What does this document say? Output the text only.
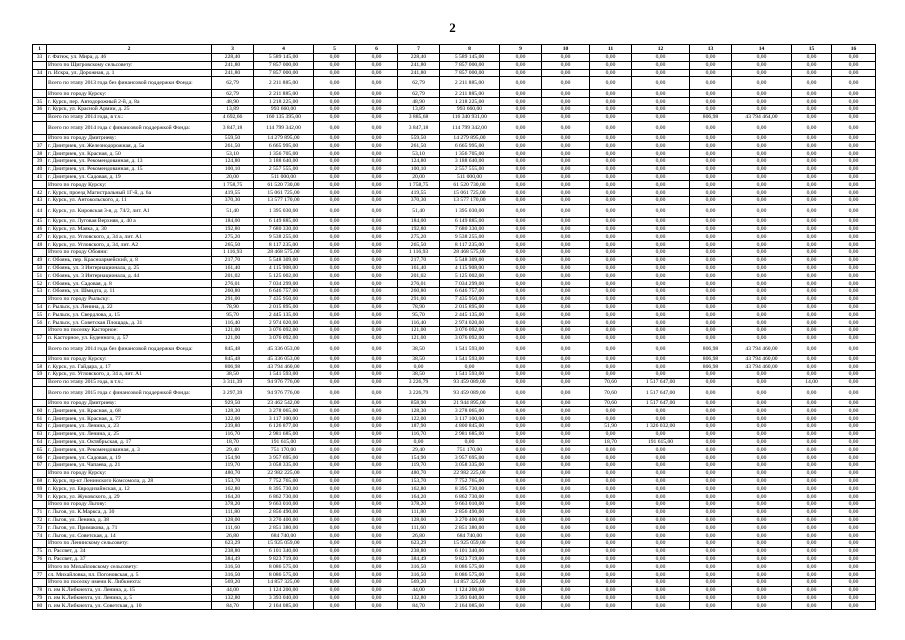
2
1	2	3	4	5	6	7	8	9	10	11	12	13	14	15	16
33	г. Фатеж, ул. Мира, д. 46	228,40	5 589 145,00	0,00	0,00	228,40	5 589 145,00	0,00	0,00	0,00	0,00	0,00	0,00	0,00	0,00
	Итого по Щигровскому сельсовету:	241,80	7 857 000,00	0,00	0,00	241,80	7 857 000,00	0,00	0,00	0,00	0,00	0,00	0,00	0,00	0,00
34	п. Искра, ул. Дорожная, д. 1	241,80	7 857 000,00	0,00	0,00	241,80	7 857 000,00	0,00	0,00	0,00	0,00	0,00	0,00	0,00	0,00
	Всего по этапу 2013 года без финансовой поддержки Фонда:	62,79	2 211 885,00	0,00	0,00	62,79	2 211 885,00	0,00	0,00	0,00	0,00	0,00	0,00	0,00	0,00
	Итого по городу Курску:	62,79	2 211 885,00	0,00	0,00	62,79	2 211 885,00	0,00	0,00	0,00	0,00	0,00	0,00	0,00	0,00
35	г. Курск, пер. Автодорожный 2-й, д. 8а	48,90	1 218 225,00	0,00	0,00	48,90	1 218 225,00	0,00	0,00	0,00	0,00	0,00	0,00	0,00	0,00
36	г. Курск, ул. Красной Армии, д. 25	13,89	993 660,00	0,00	0,00	13,89	993 660,00	0,00	0,00	0,00	0,00	0,00	0,00	0,00	0,00
	Всего по этапу 2014 года, в т.ч.:	4 692,66	160 135 395,00	0,00	0,00	3 885,68	116 340 931,00	0,00	0,00	0,00	0,00	806,98	43 794 464,00	0,00	0,00
	Всего по этапу 2014 года с финансовой поддержкой Фонда:	3 847,18	114 799 342,00	0,00	0,00	3 847,18	114 799 342,00	0,00	0,00	0,00	0,00	0,00	0,00	0,00	0,00
	Итого по городу Дмитриеву:	559,50	14 279 895,00	0,00	0,00	559,50	14 279 895,00	0,00	0,00	0,00	0,00	0,00	0,00	0,00	0,00
37	г. Дмитриев, ул. Железнодорожная, д. 5а	261,50	6 665 995,00	0,00	0,00	261,50	6 665 995,00	0,00	0,00	0,00	0,00	0,00	0,00	0,00	0,00
38	г. Дмитриев, ул. Красная, д. 50	53,10	1 356 705,00	0,00	0,00	53,10	1 356 705,00	0,00	0,00	0,00	0,00	0,00	0,00	0,00	0,00
39	г. Дмитриев, ул. Рекомендованная, д. 13	124,80	3 188 640,00	0,00	0,00	124,80	3 188 640,00	0,00	0,00	0,00	0,00	0,00	0,00	0,00	0,00
40	г. Дмитриев, ул. Рекомендованная, д. 15	100,10	2 557 555,00	0,00	0,00	100,10	2 557 555,00	0,00	0,00	0,00	0,00	0,00	0,00	0,00	0,00
41	г. Дмитриев, ул. Садовая, д. 19	20,00	511 000,00	0,00	0,00	20,00	511 000,00	0,00	0,00	0,00	0,00	0,00	0,00	0,00	0,00
	Итого по городу Курску:	1 758,75	61 520 730,00	0,00	0,00	1 758,75	61 520 730,00	0,00	0,00	0,00	0,00	0,00	0,00	0,00	0,00
42	г. Курск, проезд Магистральный 1Г-й, д. 6а	419,55	15 061 725,00	0,00	0,00	419,55	15 061 725,00	0,00	0,00	0,00	0,00	0,00	0,00	0,00	0,00
43	г. Курск, ул. Антокольского, д. 11	370,30	13 577 170,00	0,00	0,00	370,30	13 577 170,00	0,00	0,00	0,00	0,00	0,00	0,00	0,00	0,00
44	г. Курск, ул. Кировская 3-я, д. 74/2, лит. А1	51,40	1 395 030,00	0,00	0,00	51,40	1 395 030,00	0,00	0,00	0,00	0,00	0,00	0,00	0,00	0,00
45	г. Курск, ул. Луговая Верхняя, д. 40 а	184,00	6 149 885,00	0,00	0,00	184,00	6 149 885,00	0,00	0,00	0,00	0,00	0,00	0,00	0,00	0,00
46	г. Курск, ул. Маяка, д. 30	192,80	7 680 330,00	0,00	0,00	192,80	7 680 330,00	0,00	0,00	0,00	0,00	0,00	0,00	0,00	0,00
47	г. Курск, ул. Угловского, д. 34 а, лит. А1	275,20	9 538 255,00	0,00	0,00	275,20	9 538 255,00	0,00	0,00	0,00	0,00	0,00	0,00	0,00	0,00
48	г. Курск, ул. Угловского, д. 34, лит. А2	265,50	8 117 235,00	0,00	0,00	265,50	8 117 235,00	0,00	0,00	0,00	0,00	0,00	0,00	0,00	0,00
	Итого по городу Обояни:	1 116,93	28 468 575,00	0,00	0,00	1 116,93	28 468 575,00	0,00	0,00	0,00	0,00	0,00	0,00	0,00	0,00
49	г. Обоянь, пер. Красноармейский, д. 8	217,70	5 548 309,00	0,00	0,00	217,70	5 548 309,00	0,00	0,00	0,00	0,00	0,00	0,00	0,00	0,00
50	г. Обоянь, ул. 3 Интернационала, д. 25	161,40	4 115 908,00	0,00	0,00	161,40	4 115 908,00	0,00	0,00	0,00	0,00	0,00	0,00	0,00	0,00
51	г. Обоянь, ул. 3 Интернационала, д. 44	201,02	5 125 002,00	0,00	0,00	201,02	5 125 002,00	0,00	0,00	0,00	0,00	0,00	0,00	0,00	0,00
52	г. Обоянь, ул. Садовая, д. 8	276,01	7 034 299,00	0,00	0,00	276,01	7 034 299,00	0,00	0,00	0,00	0,00	0,00	0,00	0,00	0,00
53	г. Обоянь, ул. Шмидта, д. 11	260,80	6 646 757,00	0,00	0,00	260,80	6 646 757,00	0,00	0,00	0,00	0,00	0,00	0,00	0,00	0,00
	Итого по городу Рыльску:	291,00	7 435 950,00	0,00	0,00	291,00	7 435 950,00	0,00	0,00	0,00	0,00	0,00	0,00	0,00	0,00
54	г. Рыльск, ул. Ленина, д. 22	78,90	2 015 895,00	0,00	0,00	78,90	2 015 895,00	0,00	0,00	0,00	0,00	0,00	0,00	0,00	0,00
55	г. Рыльск, ул. Свердлова, д. 15	95,70	2 445 135,00	0,00	0,00	95,70	2 445 135,00	0,00	0,00	0,00	0,00	0,00	0,00	0,00	0,00
56	г. Рыльск, ул. Советская Площадь, д. 31	116,40	2 974 020,00	0,00	0,00	116,40	2 974 020,00	0,00	0,00	0,00	0,00	0,00	0,00	0,00	0,00
	Итого по поселку Касторное:	121,00	3 076 092,00	0,00	0,00	121,00	3 076 092,00	0,00	0,00	0,00	0,00	0,00	0,00	0,00	0,00
57	п. Касторное, ул. Буденного, д. 57	121,00	3 076 092,00	0,00	0,00	121,00	3 076 092,00	0,00	0,00	0,00	0,00	0,00	0,00	0,00	0,00
	Всего по этапу 2014 года без финансовой поддержки Фонда:	845,48	45 336 053,00	0,00	0,00	38,50	1 541 593,00	0,00	0,00	0,00	0,00	806,98	43 794 460,00	0,00	0,00
	Итого по городу Курску:	845,48	45 336 053,00	0,00	0,00	38,50	1 541 593,00	0,00	0,00	0,00	0,00	806,98	43 794 460,00	0,00	0,00
58	г. Курск, ул. Гайдара, д. 17	806,98	43 794 460,00	0,00	0,00	0,00	0,00	0,00	0,00	0,00	0,00	806,98	43 794 460,00	0,00	0,00
59	г. Курск, ул. Угловского, д. 34 а, лит. А1	38,50	1 541 593,00	0,00	0,00	38,50	1 541 593,00	0,00	0,00	0,00	0,00	0,00	0,00	0,00	0,00
	Всего по этапу 2015 года, в т.ч.:	3 311,39	94 976 776,00	0,00	0,00	3 226,79	93 459 089,00	0,00	0,00	70,60	1 517 647,00	0,00	0,00	14,00	0,00
	Всего по этапу 2015 года с финансовой поддержкой Фонда:	3 297,39	94 976 776,00	0,00	0,00	3 226,79	93 459 089,00	0,00	0,00	70,60	1 517 647,00	0,00	0,00	0,00	0,00
	Итого по городу Дмитриеву:	929,50	23 462 542,00	0,00	0,00	858,90	21 944 895,00	0,00	0,00	70,60	1 517 647,00	0,00	0,00	0,00	0,00
60	г. Дмитриев, ул. Красная, д. 68	128,30	3 278 065,00	0,00	0,00	128,30	3 278 065,00	0,00	0,00	0,00	0,00	0,00	0,00	0,00	0,00
61	г. Дмитриев, ул. Красная, д. 77	122,00	3 117 100,00	0,00	0,00	122,00	3 117 100,00	0,00	0,00	0,00	0,00	0,00	0,00	0,00	0,00
62	г. Дмитриев, ул. Ленина, д. 23	239,80	6 126 877,00	0,00	0,00	187,90	4 800 845,00	0,00	0,00	51,90	1 326 032,00	0,00	0,00	0,00	0,00
63	г. Дмитриев, ул. Ленина, д. 25	116,70	2 981 685,00	0,00	0,00	116,70	2 981 685,00	0,00	0,00	0,00	0,00	0,00	0,00	0,00	0,00
64	г. Дмитриев, ул. Октябрьская, д. 17	18,70	191 615,00	0,00	0,00	0,00	0,00	0,00	0,00	18,70	191 615,00	0,00	0,00	0,00	0,00
65	г. Дмитриев, ул. Рекомендованная, д. 3	29,40	751 170,00	0,00	0,00	29,40	751 170,00	0,00	0,00	0,00	0,00	0,00	0,00	0,00	0,00
66	г. Дмитриев, ул. Садовая, д. 19	154,90	3 957 695,00	0,00	0,00	154,90	3 957 695,00	0,00	0,00	0,00	0,00	0,00	0,00	0,00	0,00
67	г. Дмитриев, ул. Чапаева, д. 21	119,70	3 058 335,00	0,00	0,00	119,70	3 058 335,00	0,00	0,00	0,00	0,00	0,00	0,00	0,00	0,00
	Итого по городу Курску:	480,70	22 982 225,00	0,00	0,00	480,70	22 982 225,00	0,00	0,00	0,00	0,00	0,00	0,00	0,00	0,00
68	г. Курск, пр-кт Ленинского Комсомола, д. 28	153,70	7 752 765,00	0,00	0,00	153,70	7 752 765,00	0,00	0,00	0,00	0,00	0,00	0,00	0,00	0,00
69	г. Курск, ул. Евродизайнская, д. 12	162,80	8 395 730,00	0,00	0,00	162,80	8 395 730,00	0,00	0,00	0,00	0,00	0,00	0,00	0,00	0,00
70	г. Курск, ул. Жуковского, д. 29	164,20	6 862 730,00	0,00	0,00	164,20	6 862 730,00	0,00	0,00	0,00	0,00	0,00	0,00	0,00	0,00
	Итого по городу Льгову:	378,20	9 663 010,00	0,00	0,00	378,20	9 663 010,00	0,00	0,00	0,00	0,00	0,00	0,00	0,00	0,00
71	г. Льгов, ул. К.Маркса, д. 30	111,80	2 856 490,00	0,00	0,00	111,80	2 856 490,00	0,00	0,00	0,00	0,00	0,00	0,00	0,00	0,00
72	г. Льгов, ул. Ленина, д. 38	128,00	3 270 400,00	0,00	0,00	128,00	3 270 400,00	0,00	0,00	0,00	0,00	0,00	0,00	0,00	0,00
73	г. Льгов, ул. Примакова, д. 71	111,60	2 851 380,00	0,00	0,00	111,60	2 851 380,00	0,00	0,00	0,00	0,00	0,00	0,00	0,00	0,00
74	г. Льгов, ул. Советская, д. 14	26,80	684 740,00	0,00	0,00	26,80	684 740,00	0,00	0,00	0,00	0,00	0,00	0,00	0,00	0,00
	Итого по Ленинскому сельсовету:	623,29	15 925 059,00	0,00	0,00	623,29	15 925 059,00	0,00	0,00	0,00	0,00	0,00	0,00	0,00	0,00
75	п. Рассвет, д. 34	238,80	6 101 340,00	0,00	0,00	238,80	6 101 340,00	0,00	0,00	0,00	0,00	0,00	0,00	0,00	0,00
76	п. Рассвет, д. 37	384,49	9 823 719,00	0,00	0,00	384,49	9 823 719,00	0,00	0,00	0,00	0,00	0,00	0,00	0,00	0,00
	Итого по Михайловскому сельсовету:	316,50	8 086 575,00	0,00	0,00	316,50	8 086 575,00	0,00	0,00	0,00	0,00	0,00	0,00	0,00	0,00
77	сл. Михайловка, пл. Погоновская, д. 5	316,50	8 086 575,00	0,00	0,00	316,50	8 086 575,00	0,00	0,00	0,00	0,00	0,00	0,00	0,00	0,00
	Итого по поселку имени К. Либкнехта:	569,20	14 857 325,00	0,00	0,00	569,20	14 857 325,00	0,00	0,00	0,00	0,00	0,00	0,00	0,00	0,00
78	п. им К.Либкнехта, ул. Ленина, д. 15	44,00	1 124 200,00	0,00	0,00	44,00	1 124 200,00	0,00	0,00	0,00	0,00	0,00	0,00	0,00	0,00
79	п. им К.Либкнехта, ул. Ленина, д. 5	132,80	3 393 040,00	0,00	0,00	132,80	3 393 040,00	0,00	0,00	0,00	0,00	0,00	0,00	0,00	0,00
80	п. им К.Либкнехта, ул. Советская, д. 10	84,70	2 164 085,00	0,00	0,00	84,70	2 164 085,00	0,00	0,00	0,00	0,00	0,00	0,00	0,00	0,00
